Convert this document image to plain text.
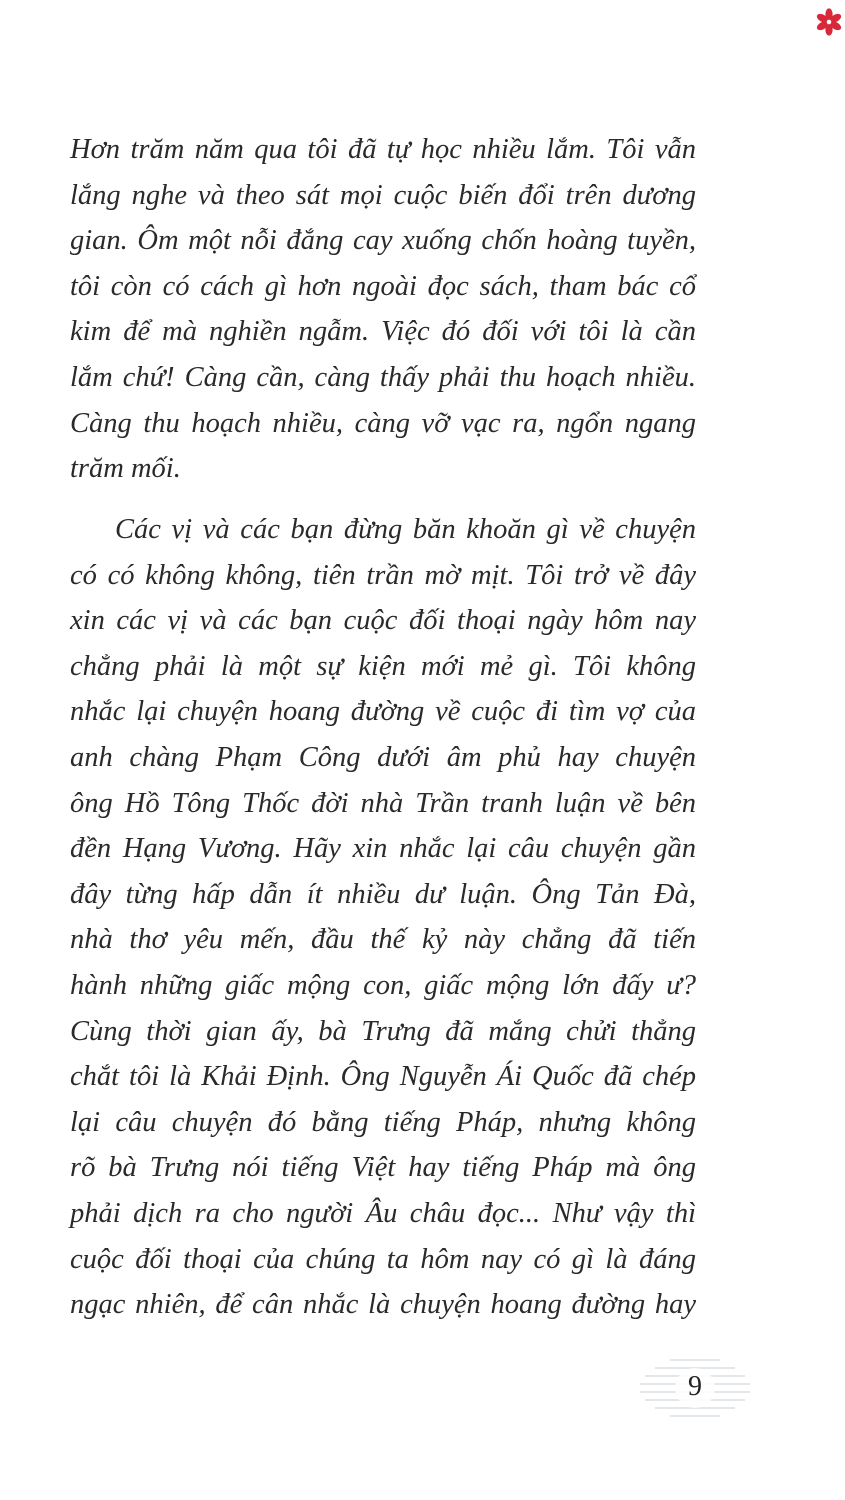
Hơn trăm năm qua tôi đã tự học nhiều lắm. Tôi vẫn
lắng nghe và theo sát mọi cuộc biến đổi trên dương
gian. Ôm một nỗi đắng cay xuống chốn hoàng tuyền,
tôi còn có cách gì hơn ngoài đọc sách, tham bác cổ
kim để mà nghiền ngẫm. Việc đó đối với tôi là cần
lắm chứ! Càng cần, càng thấy phải thu hoạch nhiều.
Càng thu hoạch nhiều, càng vỡ vạc ra, ngổn ngang
trăm mối.
Các vị và các bạn đừng băn khoăn gì về chuyện
có có không không, tiên trần mờ mịt. Tôi trở về đây
xin các vị và các bạn cuộc đối thoại ngày hôm nay
chẳng phải là một sự kiện mới mẻ gì. Tôi không
nhắc lại chuyện hoang đường về cuộc đi tìm vợ của
anh chàng Phạm Công dưới âm phủ hay chuyện
ông Hồ Tông Thốc đời nhà Trần tranh luận về bên
đền Hạng Vương. Hãy xin nhắc lại câu chuyện gần
đây từng hấp dẫn ít nhiều dư luận. Ông Tản Đà,
nhà thơ yêu mến, đầu thế kỷ này chẳng đã tiến
hành những giấc mộng con, giấc mộng lớn đấy ư?
Cùng thời gian ấy, bà Trưng đã mắng chửi thẳng
chắt tôi là Khải Định. Ông Nguyễn Ái Quốc đã chép
lại câu chuyện đó bằng tiếng Pháp, nhưng không
rõ bà Trưng nói tiếng Việt hay tiếng Pháp mà ông
phải dịch ra cho người Âu châu đọc... Như vậy thì
cuộc đối thoại của chúng ta hôm nay có gì là đáng
ngạc nhiên, để cân nhắc là chuyện hoang đường hay
9
